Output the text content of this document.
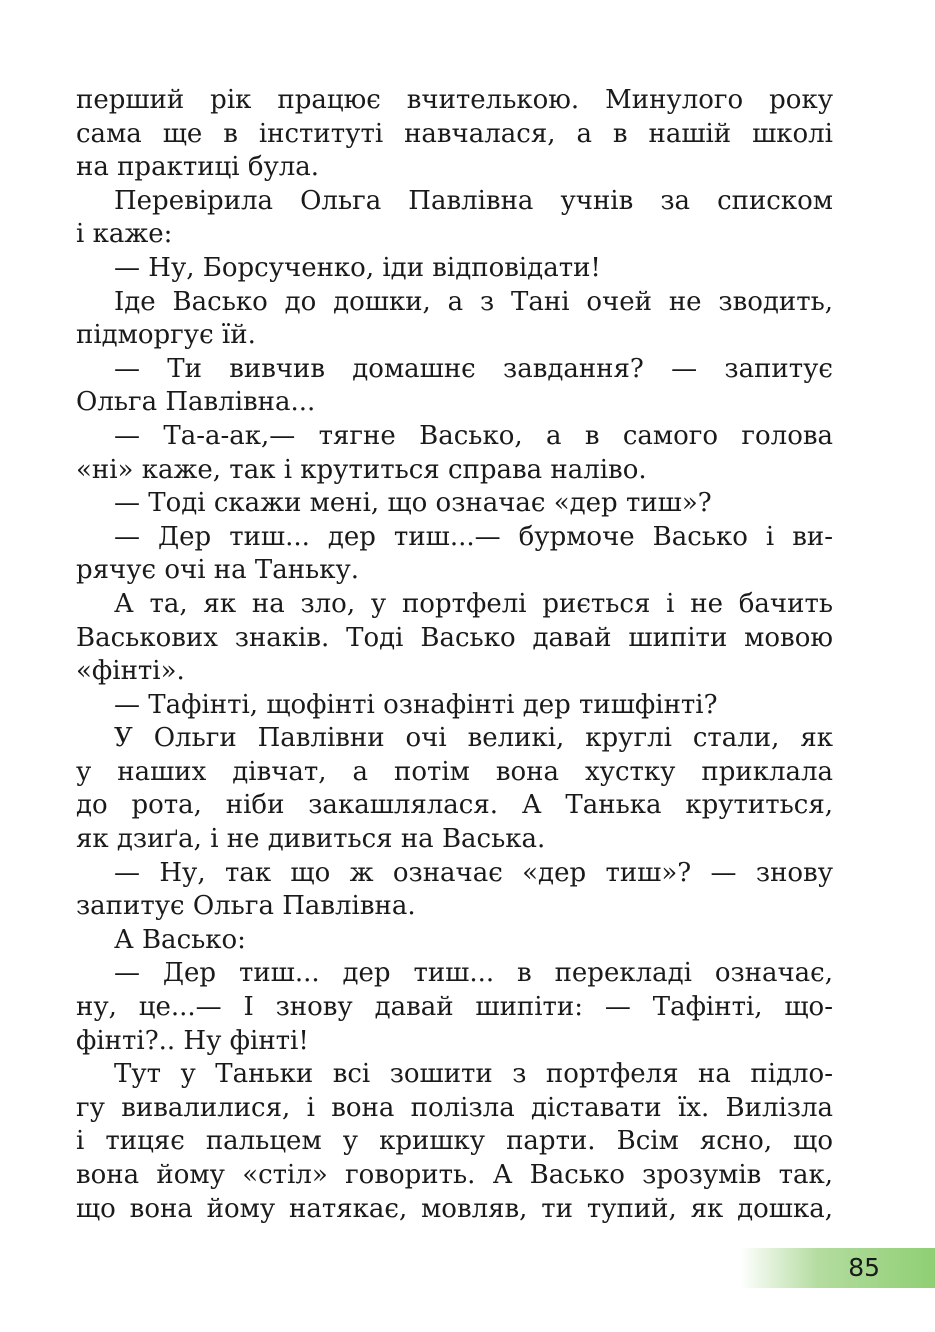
перший рік працює вчителькою. Минулого року
сама ще в інституті навчалася, а в нашій школі
на практиці була.
Перевірила Ольга Павлівна учнів за списком
і каже:
— Ну, Борсученко, іди відповідати!
Іде Васько до дошки, а з Тані очей не зводить,
підморгує їй.
— Ти вивчив домашнє завдання? — запитує
Ольга Павлівна...
— Та-а-ак,— тягне Васько, а в самого голова
«ні» каже, так і крутиться справа наліво.
— Тоді скажи мені, що означає «дер тиш»?
— Дер тиш... дер тиш...— бурмоче Васько і ви-
рячує очі на Таньку.
А та, як на зло, у портфелі риється і не бачить
Васькових знаків. Тоді Васько давай шипіти мовою
«фінті».
— Тафінті, щофінті ознафінті дер тишфінті?
У Ольги Павлівни очі великі, круглі стали, як
у наших дівчат, а потім вона хустку приклала
до рота, ніби закашлялася. А Танька крутиться,
як дзиґа, і не дивиться на Васька.
— Ну, так що ж означає «дер тиш»? — знову
запитує Ольга Павлівна.
А Васько:
— Дер тиш... дер тиш... в перекладі означає,
ну, це...— І знову давай шипіти: — Тафінті, що-
фінті?.. Ну фінті!
Тут у Таньки всі зошити з портфеля на підло-
гу вивалилися, і вона полізла діставати їх. Вилізла
і тицяє пальцем у кришку парти. Всім ясно, що
вона йому «стіл» говорить. А Васько зрозумів так,
що вона йому натякає, мовляв, ти тупий, як дошка,
85
